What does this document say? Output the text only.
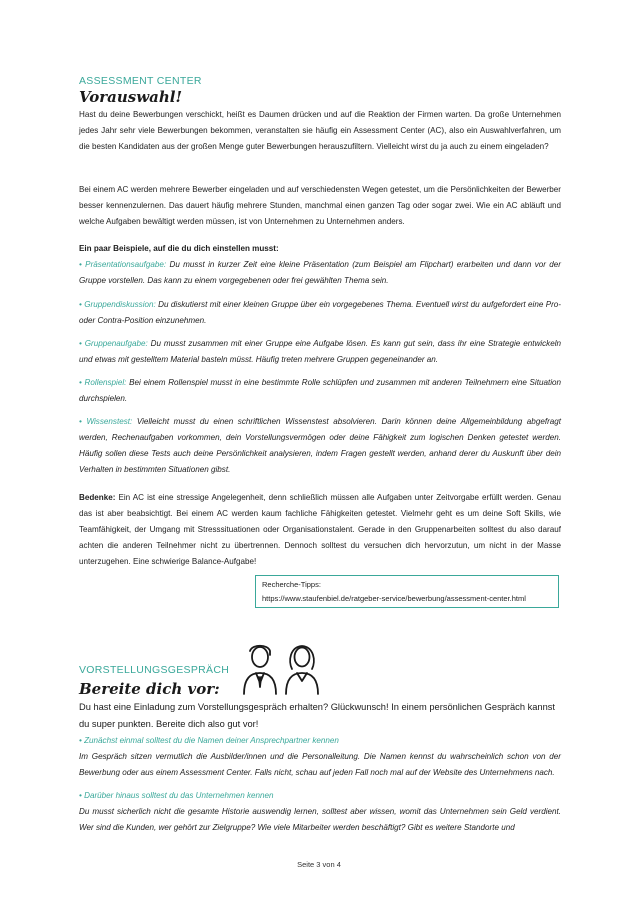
ASSESSMENT CENTER
Vorauswahl!

Hast du deine Bewerbungen verschickt, heißt es Daumen drücken und auf die Reaktion der Firmen warten. Da große Unternehmen jedes Jahr sehr viele Bewerbungen bekommen, veranstalten sie häufig ein Assessment Center (AC), also ein Auswahlverfahren, um die besten Kandidaten aus der großen Menge guter Bewerbungen herauszufiltern. Vielleicht wirst du ja auch zu einem eingeladen?

Bei einem AC werden mehrere Bewerber eingeladen und auf verschiedensten Wegen getestet, um die Persönlichkeiten der Bewerber besser kennenzulernen. Das dauert häufig mehrere Stunden, manchmal einen ganzen Tag oder sogar zwei. Wie ein AC abläuft und welche Aufgaben bewältigt werden müssen, ist von Unternehmen zu Unternehmen anders.

Ein paar Beispiele, auf die du dich einstellen musst:

• Präsentationsaufgabe: Du musst in kurzer Zeit eine kleine Präsentation (zum Beispiel am Flipchart) erarbeiten und dann vor der Gruppe vorstellen. Das kann zu einem vorgegebenen oder frei gewählten Thema sein.

• Gruppendiskussion: Du diskutierst mit einer kleinen Gruppe über ein vorgegebenes Thema. Eventuell wirst du aufgefordert eine Pro- oder Contra-Position einzunehmen.

• Gruppenaufgabe: Du musst zusammen mit einer Gruppe eine Aufgabe lösen. Es kann gut sein, dass ihr eine Strategie entwickeln und etwas mit gestelltem Material basteln müsst. Häufig treten mehrere Gruppen gegeneinander an.

• Rollenspiel: Bei einem Rollenspiel musst in eine bestimmte Rolle schlüpfen und zusammen mit anderen Teilnehmern eine Situation durchspielen.

• Wissenstest: Vielleicht musst du einen schriftlichen Wissenstest absolvieren. Darin können deine Allgemeinbildung abgefragt werden, Rechenaufgaben vorkommen, dein Vorstellungsvermögen oder deine Fähigkeit zum logischen Denken getestet werden. Häufig sollen diese Tests auch deine Persönlichkeit analysieren, indem Fragen gestellt werden, anhand derer du Auskunft über dein Verhalten in bestimmten Situationen gibst.

Bedenke: Ein AC ist eine stressige Angelegenheit, denn schließlich müssen alle Aufgaben unter Zeitvorgabe erfüllt werden. Genau das ist aber beabsichtigt. Bei einem AC werden kaum fachliche Fähigkeiten getestet. Vielmehr geht es um deine Soft Skills, wie Teamfähigkeit, der Umgang mit Stresssituationen oder Organisationstalent. Gerade in den Gruppenarbeiten solltest du also darauf achten die anderen Teilnehmer nicht zu übertrennen. Dennoch solltest du versuchen dich hervorzutun, um nicht in der Masse unterzugehen. Eine schwierige Balance-Aufgabe!

Recherche-Tipps:
https://www.staufenbiel.de/ratgeber-service/bewerbung/assessment-center.html
VORSTELLUNGSGESPRÄCH
Bereite dich vor:

Du hast eine Einladung zum Vorstellungsgespräch erhalten? Glückwunsch! In einem persönlichen Gespräch kannst du super punkten. Bereite dich also gut vor!

• Zunächst einmal solltest du die Namen deiner Ansprechpartner kennen

Im Gespräch sitzen vermutlich die Ausbilder/innen und die Personalleitung. Die Namen kennst du wahrscheinlich schon von der Bewerbung oder aus einem Assessment Center. Falls nicht, schau auf jeden Fall noch mal auf der Website des Unternehmens nach.

• Darüber hinaus solltest du das Unternehmen kennen

Du musst sicherlich nicht die gesamte Historie auswendig lernen, solltest aber wissen, womit das Unternehmen sein Geld verdient. Wer sind die Kunden, wer gehört zur Zielgruppe? Wie viele Mitarbeiter werden beschäftigt? Gibt es weitere Standorte und

Seite 3 von 4
